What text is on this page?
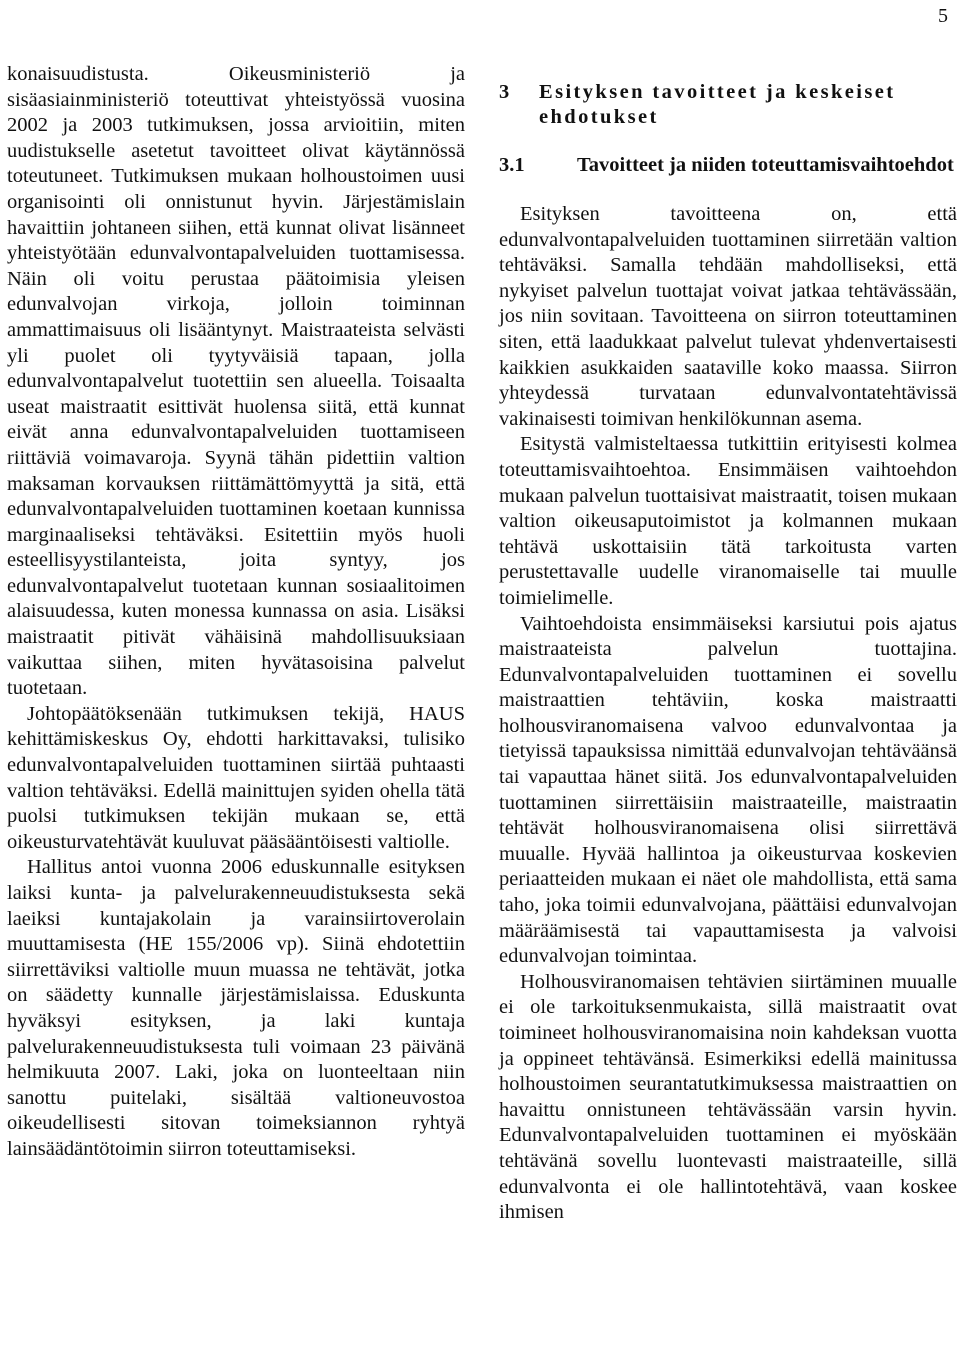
5

konaisuudistusta. Oikeusministeriö ja sisäasiainministeriö toteuttivat yhteistyössä vuosina 2002 ja 2003 tutkimuksen, jossa arvioitiin, miten uudistukselle asetetut tavoitteet olivat käytännössä toteutuneet. Tutkimuksen mukaan holhoustoimen uusi organisointi oli onnistunut hyvin. Järjestämislain havaittiin johtaneen siihen, että kunnat olivat lisänneet yhteistyötään edunvalvontapalveluiden tuottamisessa. Näin oli voitu perustaa päätoimisia yleisen edunvalvojan virkoja, jolloin toiminnan ammattimaisuus oli lisääntynyt. Maistraateista selvästi yli puolet oli tyytyväisiä tapaan, jolla edunvalvontapalvelut tuotettiin sen alueella. Toisaalta useat maistraatit esittivät huolensa siitä, että kunnat eivät anna edunvalvontapalveluiden tuottamiseen riittäviä voimavaroja. Syynä tähän pidettiin valtion maksaman korvauksen riittämättömyyttä ja sitä, että edunvalvontapalveluiden tuottaminen koetaan kunnissa marginaaliseksi tehtäväksi. Esitettiin myös huoli esteellisyystilanteista, joita syntyy, jos edunvalvontapalvelut tuotetaan kunnan sosiaalitoimen alaisuudessa, kuten monessa kunnassa on asia. Lisäksi maistraatit pitivät vähäisinä mahdollisuuksiaan vaikuttaa siihen, miten hyvätasoisina palvelut tuotetaan.

Johtopäätöksenään tutkimuksen tekijä, HAUS kehittämiskeskus Oy, ehdotti harkittavaksi, tulisiko edunvalvontapalveluiden tuottaminen siirtää puhtaasti valtion tehtäväksi. Edellä mainittujen syiden ohella tätä puolsi tutkimuksen tekijän mukaan se, että oikeusturvatehtävät kuuluvat pääsääntöisesti valtiolle.

Hallitus antoi vuonna 2006 eduskunnalle esityksen laiksi kunta- ja palvelurakenneuudistuksesta sekä laeiksi kuntajakolain ja varainsiirtoverolain muuttamisesta (HE 155/2006 vp). Siinä ehdotettiin siirrettäviksi valtiolle muun muassa ne tehtävät, jotka on säädetty kunnalle järjestämislaissa. Eduskunta hyväksyi esityksen, ja laki kuntaja palvelurakenneuudistuksesta tuli voimaan 23 päivänä helmikuuta 2007. Laki, joka on luonteeltaan niin sanottu puitelaki, sisältää valtioneuvostoa oikeudellisesti sitovan toimeksiannon ryhtyä lainsäädäntötoimin siirron toteuttamiseksi.

3	Esityksen tavoitteet ja keskeiset ehdotukset
3.1	Tavoitteet ja niiden toteuttamisvaihtoehdot

Esityksen tavoitteena on, että edunvalvontapalveluiden tuottaminen siirretään valtion tehtäväksi. Samalla tehdään mahdolliseksi, että nykyiset palvelun tuottajat voivat jatkaa tehtävässään, jos niin sovitaan. Tavoitteena on siirron toteuttaminen siten, että laadukkaat palvelut tulevat yhdenvertaisesti kaikkien asukkaiden saataville koko maassa. Siirron yhteydessä turvataan edunvalvontatehtävissä vakinaisesti toimivan henkilökunnan asema.

Esitystä valmisteltaessa tutkittiin erityisesti kolmea toteuttamisvaihtoehtoa. Ensimmäisen vaihtoehdon mukaan palvelun tuottaisivat maistraatit, toisen mukaan valtion oikeusaputoimistot ja kolmannen mukaan tehtävä uskottaisiin tätä tarkoitusta varten perustettavalle uudelle viranomaiselle tai muulle toimielimelle.

Vaihtoehdoista ensimmäiseksi karsiutui pois ajatus maistraateista palvelun tuottajina. Edunvalvontapalveluiden tuottaminen ei sovellu maistraattien tehtäviin, koska maistraatti holhousviranomaisena valvoo edunvalvontaa ja tietyissä tapauksissa nimittää edunvalvojan tehtäväänsä tai vapauttaa hänet siitä. Jos edunvalvontapalveluiden tuottaminen siirrettäisiin maistraateille, maistraatin tehtävät holhousviranomaisena olisi siirrettävä muualle. Hyvää hallintoa ja oikeusturvaa koskevien periaatteiden mukaan ei näet ole mahdollista, että sama taho, joka toimii edunvalvojana, päättäisi edunvalvojan määräämisestä tai vapauttamisesta ja valvoisi edunvalvojan toimintaa.

Holhousviranomaisen tehtävien siirtäminen muualle ei ole tarkoituksenmukaista, sillä maistraatit ovat toimineet holhousviranomaisina noin kahdeksan vuotta ja oppineet tehtävänsä. Esimerkiksi edellä mainitussa holhoustoimen seurantatutkimuksessa maistraattien on havaittu onnistuneen tehtävässään varsin hyvin. Edunvalvontapalveluiden tuottaminen ei myöskään tehtävänä sovellu luontevasti maistraateille, sillä edunvalvonta ei ole hallintotehtävä, vaan koskee ihmisen
